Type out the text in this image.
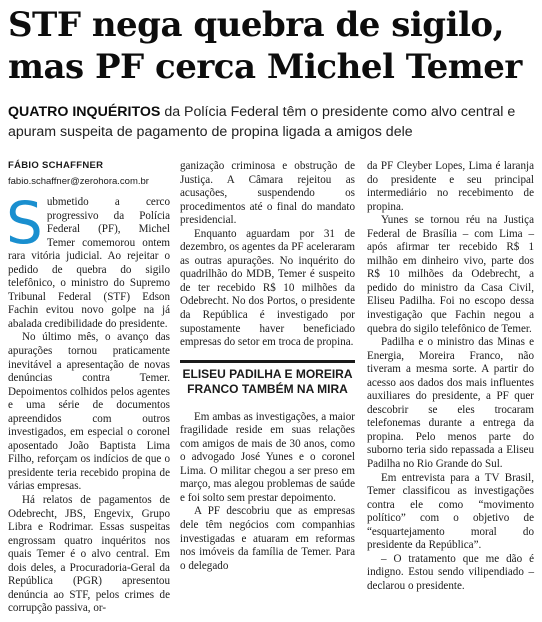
STF nega quebra de sigilo,
mas PF cerca Michel Temer
QUATRO INQUÉRITOS da Polícia Federal têm o presidente como alvo central e apuram suspeita de pagamento de propina ligada a amigos dele
FÁBIO SCHAFFNER
fabio.schaffner@zerohora.com.br

Submetido a cerco progressivo da Polícia Federal (PF), Michel Temer comemorou ontem rara vitória judicial. Ao rejeitar o pedido de quebra do sigilo telefônico, o ministro do Supremo Tribunal Federal (STF) Edson Fachin evitou novo golpe na já abalada credibilidade do presidente.

No último mês, o avanço das apurações tornou praticamente inevitável a apresentação de novas denúncias contra Temer. Depoimentos colhidos pelos agentes e uma série de documentos apreendidos com outros investigados, em especial o coronel aposentado João Baptista Lima Filho, reforçam os indícios de que o presidente teria recebido propina de várias empresas.

Há relatos de pagamentos de Odebrecht, JBS, Engevix, Grupo Libra e Rodrimar. Essas suspeitas engrossam quatro inquéritos nos quais Temer é o alvo central. Em dois deles, a Procuradoria-Geral da República (PGR) apresentou denúncia ao STF, pelos crimes de corrupção passiva, or-

ganização criminosa e obstrução de Justiça. A Câmara rejeitou as acusações, suspendendo os procedimentos até o final do mandato presidencial.

Enquanto aguardam por 31 de dezembro, os agentes da PF aceleraram as outras apurações. No inquérito do quadrilhão do MDB, Temer é suspeito de ter recebido R$ 10 milhões da Odebrecht. No dos Portos, o presidente da República é investigado por supostamente haver beneficiado empresas do setor em troca de propina.

ELISEU PADILHA E MOREIRA FRANCO TAMBÉM NA MIRA

Em ambas as investigações, a maior fragilidade reside em suas relações com amigos de mais de 30 anos, como o advogado José Yunes e o coronel Lima. O militar chegou a ser preso em março, mas alegou problemas de saúde e foi solto sem prestar depoimento.

A PF descobriu que as empresas dele têm negócios com companhias investigadas e atuaram em reformas nos imóveis da família de Temer. Para o delegado

da PF Cleyber Lopes, Lima é laranja do presidente e seu principal intermediário no recebimento de propina.

Yunes se tornou réu na Justiça Federal de Brasília – com Lima – após afirmar ter recebido R$ 1 milhão em dinheiro vivo, parte dos R$ 10 milhões da Odebrecht, a pedido do ministro da Casa Civil, Eliseu Padilha. Foi no escopo dessa investigação que Fachin negou a quebra do sigilo telefônico de Temer.

Padilha e o ministro das Minas e Energia, Moreira Franco, não tiveram a mesma sorte. A partir do acesso aos dados dos mais influentes auxiliares do presidente, a PF quer descobrir se eles trocaram telefonemas durante a entrega da propina. Pelo menos parte do suborno teria sido repassada a Eliseu Padilha no Rio Grande do Sul.

Em entrevista para a TV Brasil, Temer classificou as investigações contra ele como “movimento político” com o objetivo de “esquartejamento moral do presidente da República”.

– O tratamento que me dão é indigno. Estou sendo vilipendiado – declarou o presidente.
